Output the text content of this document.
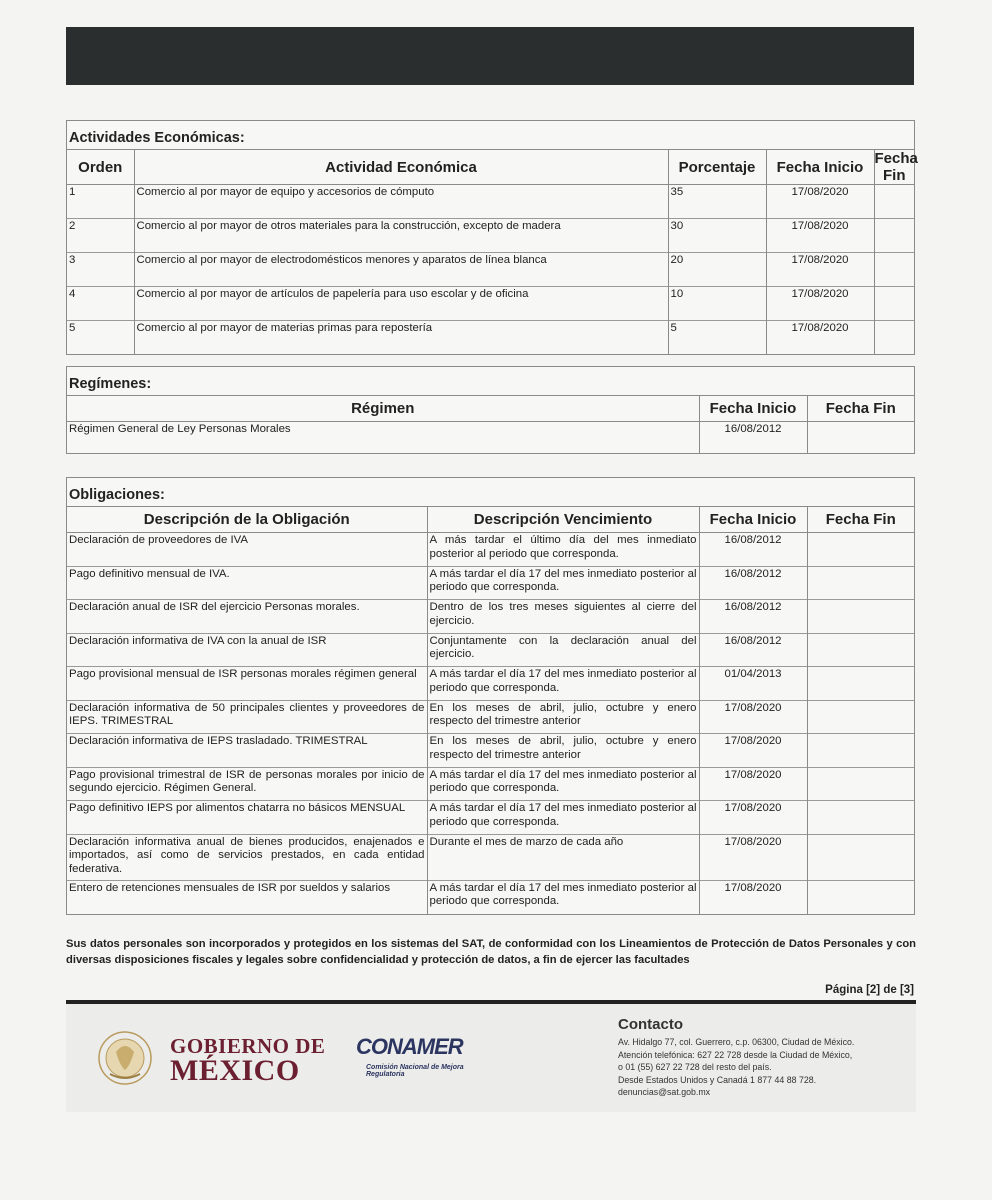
Actividades Económicas:
Orden	Actividad Económica	Porcentaje	Fecha Inicio	Fecha Fin
1	Comercio al por mayor de equipo y accesorios de cómputo	35	17/08/2020	
2	Comercio al por mayor de otros materiales para la construcción, excepto de madera	30	17/08/2020	
3	Comercio al por mayor de electrodomésticos menores y aparatos de línea blanca	20	17/08/2020	
4	Comercio al por mayor de artículos de papelería para uso escolar y de oficina	10	17/08/2020	
5	Comercio al por mayor de materias primas para repostería	5	17/08/2020	
Regímenes:
Régimen	Fecha Inicio	Fecha Fin
Régimen General de Ley Personas Morales	16/08/2012	
Obligaciones:
Descripción de la Obligación	Descripción Vencimiento	Fecha Inicio	Fecha Fin
Declaración de proveedores de IVA	A más tardar el último día del mes inmediato posterior al periodo que corresponda.	16/08/2012	
Pago definitivo mensual de IVA.	A más tardar el día 17 del mes inmediato posterior al periodo que corresponda.	16/08/2012	
Declaración anual de ISR del ejercicio Personas morales.	Dentro de los tres meses siguientes al cierre del ejercicio.	16/08/2012	
Declaración informativa de IVA con la anual de ISR	Conjuntamente con la declaración anual del ejercicio.	16/08/2012	
Pago provisional mensual de ISR personas morales régimen general	A más tardar el día 17 del mes inmediato posterior al periodo que corresponda.	01/04/2013	
Declaración informativa de 50 principales clientes y proveedores de IEPS. TRIMESTRAL	En los meses de abril, julio, octubre y enero respecto del trimestre anterior	17/08/2020	
Declaración informativa de IEPS trasladado. TRIMESTRAL	En los meses de abril, julio, octubre y enero respecto del trimestre anterior	17/08/2020	
Pago provisional trimestral de ISR de personas morales por inicio de segundo ejercicio. Régimen General.	A más tardar el día 17 del mes inmediato posterior al periodo que corresponda.	17/08/2020	
Pago definitivo IEPS por alimentos chatarra no básicos MENSUAL	A más tardar el día 17 del mes inmediato posterior al periodo que corresponda.	17/08/2020	
Declaración informativa anual de bienes producidos, enajenados e importados, así como de servicios prestados, en cada entidad federativa.	Durante el mes de marzo de cada año	17/08/2020	
Entero de retenciones mensuales de ISR por sueldos y salarios	A más tardar el día 17 del mes inmediato posterior al periodo que corresponda.	17/08/2020	
Sus datos personales son incorporados y protegidos en los sistemas del SAT, de conformidad con los Lineamientos de Protección de Datos Personales y con diversas disposiciones fiscales y legales sobre confidencialidad y protección de datos, a fin de ejercer las facultades
Página [2] de [3]
GOBIERNO DE
MÉXICO
CONAMER
Comisión Nacional de Mejora Regulatoria
Contacto
Av. Hidalgo 77, col. Guerrero, c.p. 06300, Ciudad de México.
Atención telefónica: 627 22 728 desde la Ciudad de México,
o 01 (55) 627 22 728 del resto del país.
Desde Estados Unidos y Canadá 1 877 44 88 728.
denuncias@sat.gob.mx
